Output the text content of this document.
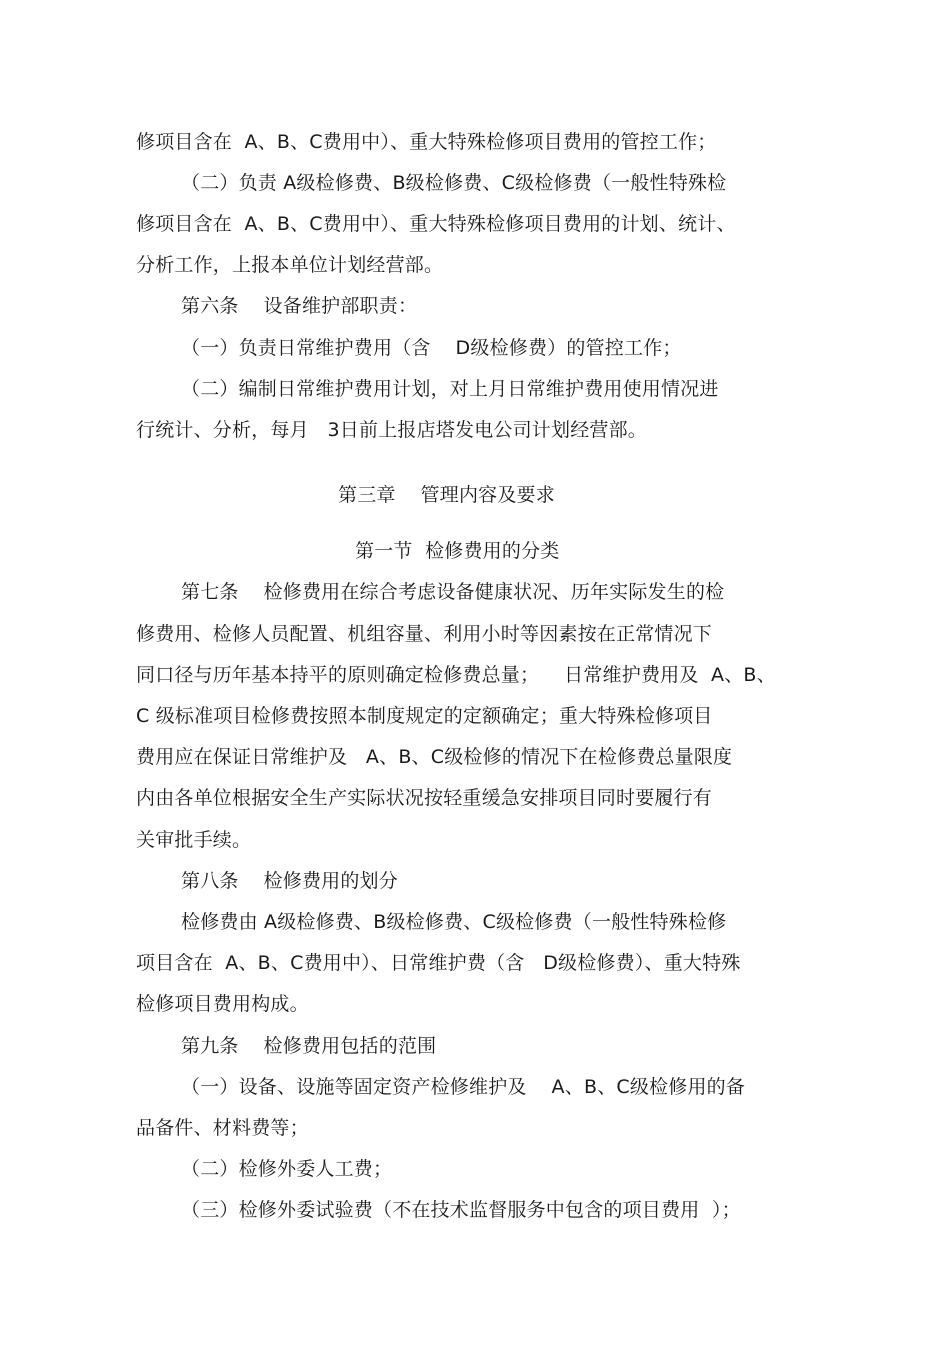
修项目含在  A、B、C费用中）、重大特殊检修项目费用的管控工作；
（二）负责 A级检修费、B级检修费、C级检修费（一般性特殊检
修项目含在  A、B、C费用中）、重大特殊检修项目费用的计划、统计、
分析工作，上报本单位计划经营部。
第六条    设备维护部职责：
（一）负责日常维护费用（含    D级检修费）的管控工作；
（二）编制日常维护费用计划，对上月日常维护费用使用情况进
行统计、分析，每月   3日前上报店塔发电公司计划经营部。
第三章    管理内容及要求
第一节  检修费用的分类
第七条    检修费用在综合考虑设备健康状况、历年实际发生的检
修费用、检修人员配置、机组容量、利用小时等因素按在正常情况下
同口径与历年基本持平的原则确定检修费总量；    日常维护费用及  A、B、
C 级标准项目检修费按照本制度规定的定额确定；重大特殊检修项目
费用应在保证日常维护及   A、B、C级检修的情况下在检修费总量限度
内由各单位根据安全生产实际状况按轻重缓急安排项目同时要履行有
关审批手续。
第八条    检修费用的划分
检修费由 A级检修费、B级检修费、C级检修费（一般性特殊检修
项目含在  A、B、C费用中）、日常维护费（含   D级检修费）、重大特殊
检修项目费用构成。
第九条    检修费用包括的范围
（一）设备、设施等固定资产检修维护及    A、B、C级检修用的备
品备件、材料费等；
（二）检修外委人工费；
（三）检修外委试验费（不在技术监督服务中包含的项目费用  ）；
